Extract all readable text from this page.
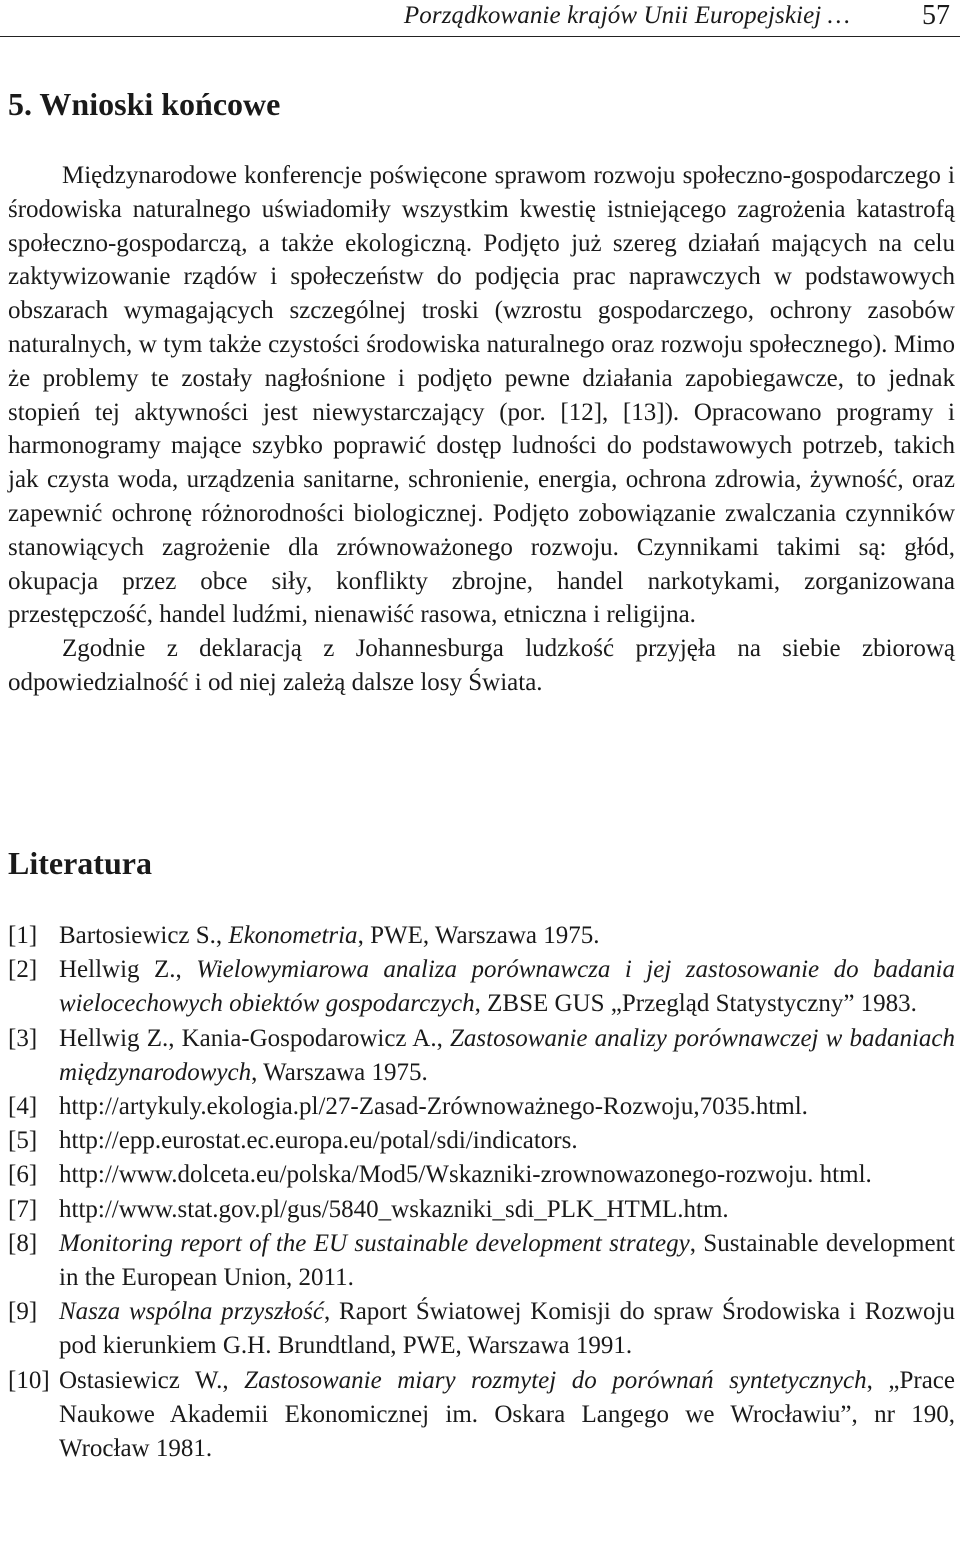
Porządkowanie krajów Unii Europejskiej …	57
5. Wnioski końcowe

Międzynarodowe konferencje poświęcone sprawom rozwoju społeczno-gospodarczego i środowiska naturalnego uświadomiły wszystkim kwestię istniejącego zagrożenia katastrofą społeczno-gospodarczą, a także ekologiczną. Podjęto już szereg działań mających na celu zaktywizowanie rządów i społeczeństw do podjęcia prac naprawczych w podstawowych obszarach wymagających szczególnej troski (wzrostu gospodarczego, ochrony zasobów naturalnych, w tym także czystości środowiska naturalnego oraz rozwoju społecznego). Mimo że problemy te zostały nagłośnione i podjęto pewne działania zapobiegawcze, to jednak stopień tej aktywności jest niewystarczający (por. [12], [13]). Opracowano programy i harmonogramy mające szybko poprawić dostęp ludności do podstawowych potrzeb, takich jak czysta woda, urządzenia sanitarne, schronienie, energia, ochrona zdrowia, żywność, oraz zapewnić ochronę różnorodności biologicznej. Podjęto zobowiązanie zwalczania czynników stanowiących zagrożenie dla zrównoważonego rozwoju. Czynnikami takimi są: głód, okupacja przez obce siły, konflikty zbrojne, handel narkotykami, zorganizowana przestępczość, handel ludźmi, nienawiść rasowa, etniczna i religijna.

Zgodnie z deklaracją z Johannesburga ludzkość przyjęła na siebie zbiorową odpowiedzialność i od niej zależą dalsze losy Świata.

Literatura
[1] Bartosiewicz S., Ekonometria, PWE, Warszawa 1975.
[2] Hellwig Z., Wielowymiarowa analiza porównawcza i jej zastosowanie do badania wielocechowych obiektów gospodarczych, ZBSE GUS „Przegląd Statystyczny” 1983.
[3] Hellwig Z., Kania-Gospodarowicz A., Zastosowanie analizy porównawczej w badaniach międzynarodowych, Warszawa 1975.
[4] http://artykuly.ekologia.pl/27-Zasad-Zrównoważnego-Rozwoju,7035.html.
[5] http://epp.eurostat.ec.europa.eu/potal/sdi/indicators.
[6] http://www.dolceta.eu/polska/Mod5/Wskazniki-zrownowazonego-rozwoju. html.
[7] http://www.stat.gov.pl/gus/5840_wskazniki_sdi_PLK_HTML.htm.
[8] Monitoring report of the EU sustainable development strategy, Sustainable development in the European Union, 2011.
[9] Nasza wspólna przyszłość, Raport Światowej Komisji do spraw Środowiska i Rozwoju pod kierunkiem G.H. Brundtland, PWE, Warszawa 1991.
[10] Ostasiewicz W., Zastosowanie miary rozmytej do porównań syntetycznych, „Prace Naukowe Akademii Ekonomicznej im. Oskara Langego we Wrocławiu”, nr 190, Wrocław 1981.
